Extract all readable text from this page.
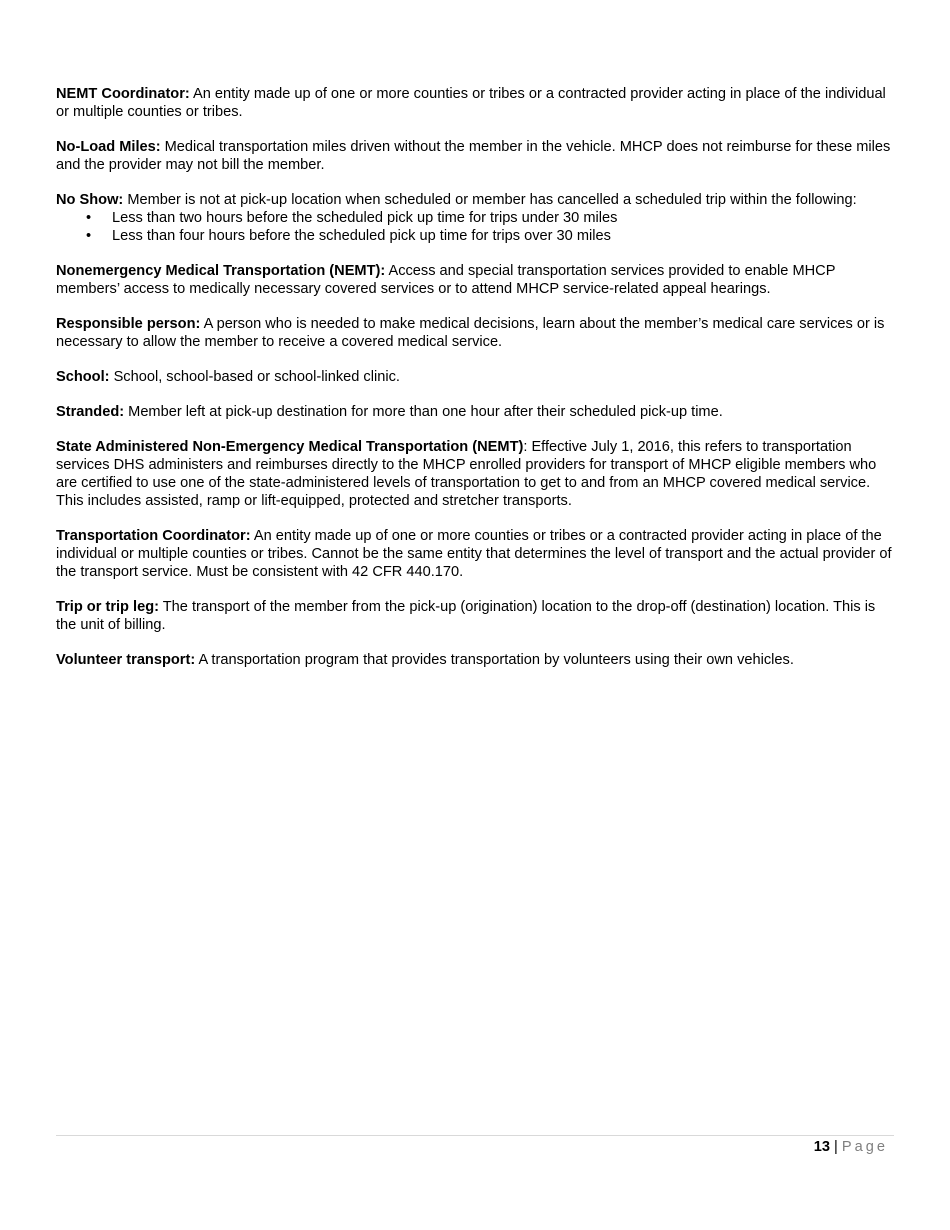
NEMT Coordinator: An entity made up of one or more counties or tribes or a contracted provider acting in place of the individual or multiple counties or tribes.

No-Load Miles: Medical transportation miles driven without the member in the vehicle. MHCP does not reimburse for these miles and the provider may not bill the member.

No Show: Member is not at pick-up location when scheduled or member has cancelled a scheduled trip within the following:
• Less than two hours before the scheduled pick up time for trips under 30 miles
• Less than four hours before the scheduled pick up time for trips over 30 miles

Nonemergency Medical Transportation (NEMT): Access and special transportation services provided to enable MHCP members’ access to medically necessary covered services or to attend MHCP service-related appeal hearings.

Responsible person: A person who is needed to make medical decisions, learn about the member’s medical care services or is necessary to allow the member to receive a covered medical service.

School: School, school-based or school-linked clinic.

Stranded: Member left at pick-up destination for more than one hour after their scheduled pick-up time.

State Administered Non-Emergency Medical Transportation (NEMT): Effective July 1, 2016, this refers to transportation services DHS administers and reimburses directly to the MHCP enrolled providers for transport of MHCP eligible members who are certified to use one of the state-administered levels of transportation to get to and from an MHCP covered medical service. This includes assisted, ramp or lift-equipped, protected and stretcher transports.

Transportation Coordinator: An entity made up of one or more counties or tribes or a contracted provider acting in place of the individual or multiple counties or tribes. Cannot be the same entity that determines the level of transport and the actual provider of the transport service. Must be consistent with 42 CFR 440.170.

Trip or trip leg: The transport of the member from the pick-up (origination) location to the drop-off (destination) location. This is the unit of billing.

Volunteer transport: A transportation program that provides transportation by volunteers using their own vehicles.

13 | Page
